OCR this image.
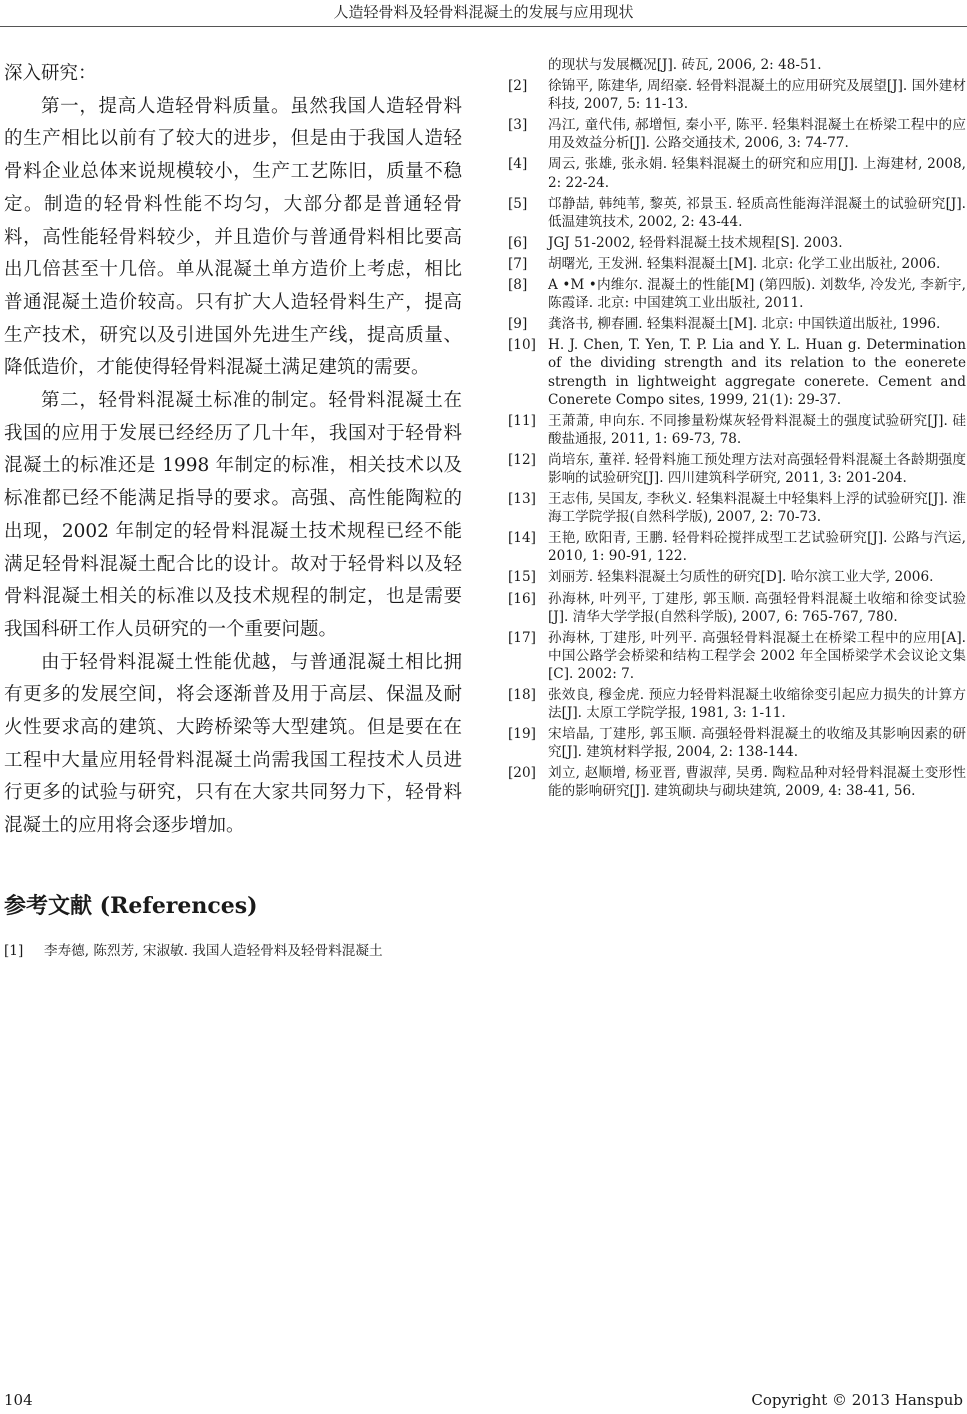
人造轻骨料及轻骨料混凝土的发展与应用现状

深入研究：

第一，提高人造轻骨料质量。虽然我国人造轻骨料的生产相比以前有了较大的进步，但是由于我国人造轻骨料企业总体来说规模较小，生产工艺陈旧，质量不稳定。制造的轻骨料性能不均匀，大部分都是普通轻骨料，高性能轻骨料较少，并且造价与普通骨料相比要高出几倍甚至十几倍。单从混凝土单方造价上考虑，相比普通混凝土造价较高。只有扩大人造轻骨料生产，提高生产技术，研究以及引进国外先进生产线，提高质量、降低造价，才能使得轻骨料混凝土满足建筑的需要。

第二，轻骨料混凝土标准的制定。轻骨料混凝土在我国的应用于发展已经经历了几十年，我国对于轻骨料混凝土的标准还是 1998 年制定的标准，相关技术以及标准都已经不能满足指导的要求。高强、高性能陶粒的出现，2002 年制定的轻骨料混凝土技术规程已经不能满足轻骨料混凝土配合比的设计。故对于轻骨料以及轻骨料混凝土相关的标准以及技术规程的制定，也是需要我国科研工作人员研究的一个重要问题。

由于轻骨料混凝土性能优越，与普通混凝土相比拥有更多的发展空间，将会逐渐普及用于高层、保温及耐火性要求高的建筑、大跨桥梁等大型建筑。但是要在在工程中大量应用轻骨料混凝土尚需我国工程技术人员进行更多的试验与研究，只有在大家共同努力下，轻骨料混凝土的应用将会逐步增加。

参考文献 (References)
[1]	李寿德, 陈烈芳, 宋淑敏. 我国人造轻骨料及轻骨料混凝土
的现状与发展概况[J]. 砖瓦, 2006, 2: 48-51.
[2]	徐锦平, 陈建华, 周绍豪. 轻骨料混凝土的应用研究及展望[J]. 国外建材科技, 2007, 5: 11-13.
[3]	冯江, 童代伟, 郝增恒, 秦小平, 陈平. 轻集料混凝土在桥梁工程中的应用及效益分析[J]. 公路交通技术, 2006, 3: 74-77.
[4]	周云, 张雄, 张永娟. 轻集料混凝土的研究和应用[J]. 上海建材, 2008, 2: 22-24.
[5]	邙静喆, 韩纯苇, 黎英, 祁景玉. 轻质高性能海洋混凝土的试验研究[J]. 低温建筑技术, 2002, 2: 43-44.
[6]	JGJ 51-2002, 轻骨料混凝土技术规程[S]. 2003.
[7]	胡曙光, 王发洲. 轻集料混凝土[M]. 北京: 化学工业出版社, 2006.
[8]	A •M •内维尔. 混凝土的性能[M] (第四版). 刘数华, 冷发光, 李新宇, 陈霞译. 北京: 中国建筑工业出版社, 2011.
[9]	龚洛书, 柳春圃. 轻集料混凝土[M]. 北京: 中国铁道出版社, 1996.
[10] H. J. Chen, T. Yen, T. P. Lia and Y. L. Huan g. Determination of the dividing strength and its relation to the eonerete strength in lightweight aggregate conerete. Cement and Conerete Compo sites, 1999, 21(1): 29-37.
[11] 王萧萧, 申向东. 不同掺量粉煤灰轻骨料混凝土的强度试验研究[J]. 硅酸盐通报, 2011, 1: 69-73, 78.
[12] 尚培东, 董祥. 轻骨料施工预处理方法对高强轻骨料混凝土各龄期强度影响的试验研究[J]. 四川建筑科学研究, 2011, 3: 201-204.
[13] 王志伟, 吴国友, 李秋义. 轻集料混凝土中轻集料上浮的试验研究[J]. 淮海工学院学报(自然科学版), 2007, 2: 70-73.
[14] 王艳, 欧阳青, 王鹏. 轻骨料砼搅拌成型工艺试验研究[J]. 公路与汽运, 2010, 1: 90-91, 122.
[15] 刘丽芳. 轻集料混凝土匀质性的研究[D]. 哈尔滨工业大学, 2006.
[16] 孙海林, 叶列平, 丁建彤, 郭玉顺. 高强轻骨料混凝土收缩和徐变试验[J]. 清华大学学报(自然科学版), 2007, 6: 765-767, 780.
[17] 孙海林, 丁建彤, 叶列平. 高强轻骨料混凝土在桥梁工程中的应用[A]. 中国公路学会桥梁和结构工程学会 2002 年全国桥梁学术会议论文集[C]. 2002: 7.
[18] 张效良, 穆金虎. 预应力轻骨料混凝土收缩徐变引起应力损失的计算方法[J]. 太原工学院学报, 1981, 3: 1-11.
[19] 宋培晶, 丁建彤, 郭玉顺. 高强轻骨料混凝土的收缩及其影响因素的研究[J]. 建筑材料学报, 2004, 2: 138-144.
[20] 刘立, 赵顺增, 杨亚晋, 曹淑萍, 吴勇. 陶粒品种对轻骨料混凝土变形性能的影响研究[J]. 建筑砌块与砌块建筑, 2009, 4: 38-41, 56.
104	Copyright © 2013 Hanspub
